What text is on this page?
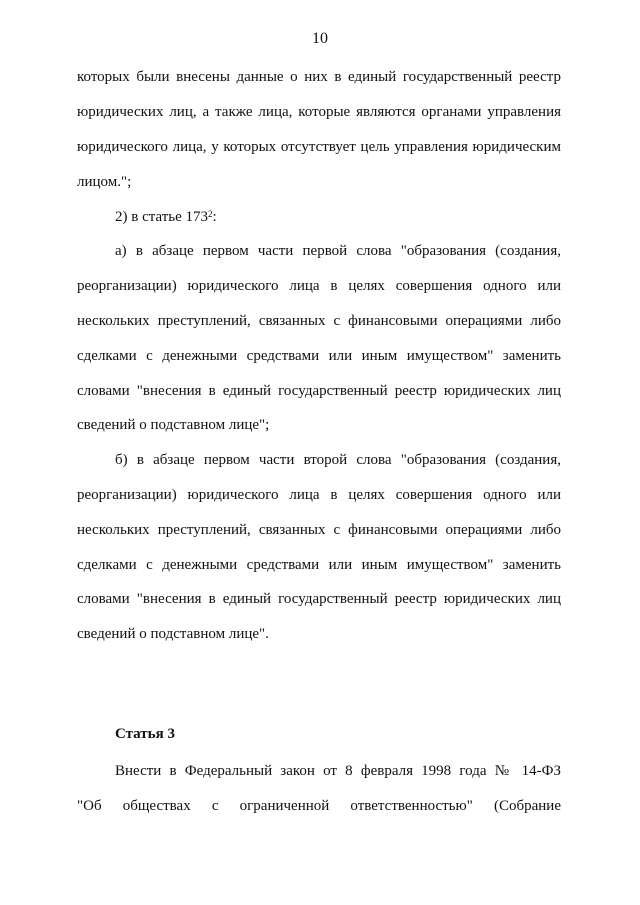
10
которых были внесены данные о них в единый государственный реестр
юридических лиц, а также лица, которые являются органами управления
юридического лица, у которых отсутствует цель управления юридическим
лицом.";
2) в статье $173^2$:
а) в абзаце первом части первой слова "образования (создания,
реорганизации) юридического лица в целях совершения одного или
нескольких преступлений, связанных с финансовыми операциями либо
сделками с денежными средствами или иным имуществом" заменить
словами "внесения в единый государственный реестр юридических лиц
сведений о подставном лице";
б) в абзаце первом части второй слова "образования (создания,
реорганизации) юридического лица в целях совершения одного или
нескольких преступлений, связанных с финансовыми операциями либо
сделками с денежными средствами или иным имуществом" заменить
словами "внесения в единый государственный реестр юридических лиц
сведений о подставном лице".
Статья 3
Внести в Федеральный закон от 8 февраля 1998 года № 14-ФЗ
"Об обществах с ограниченной ответственностью" (Собрание
